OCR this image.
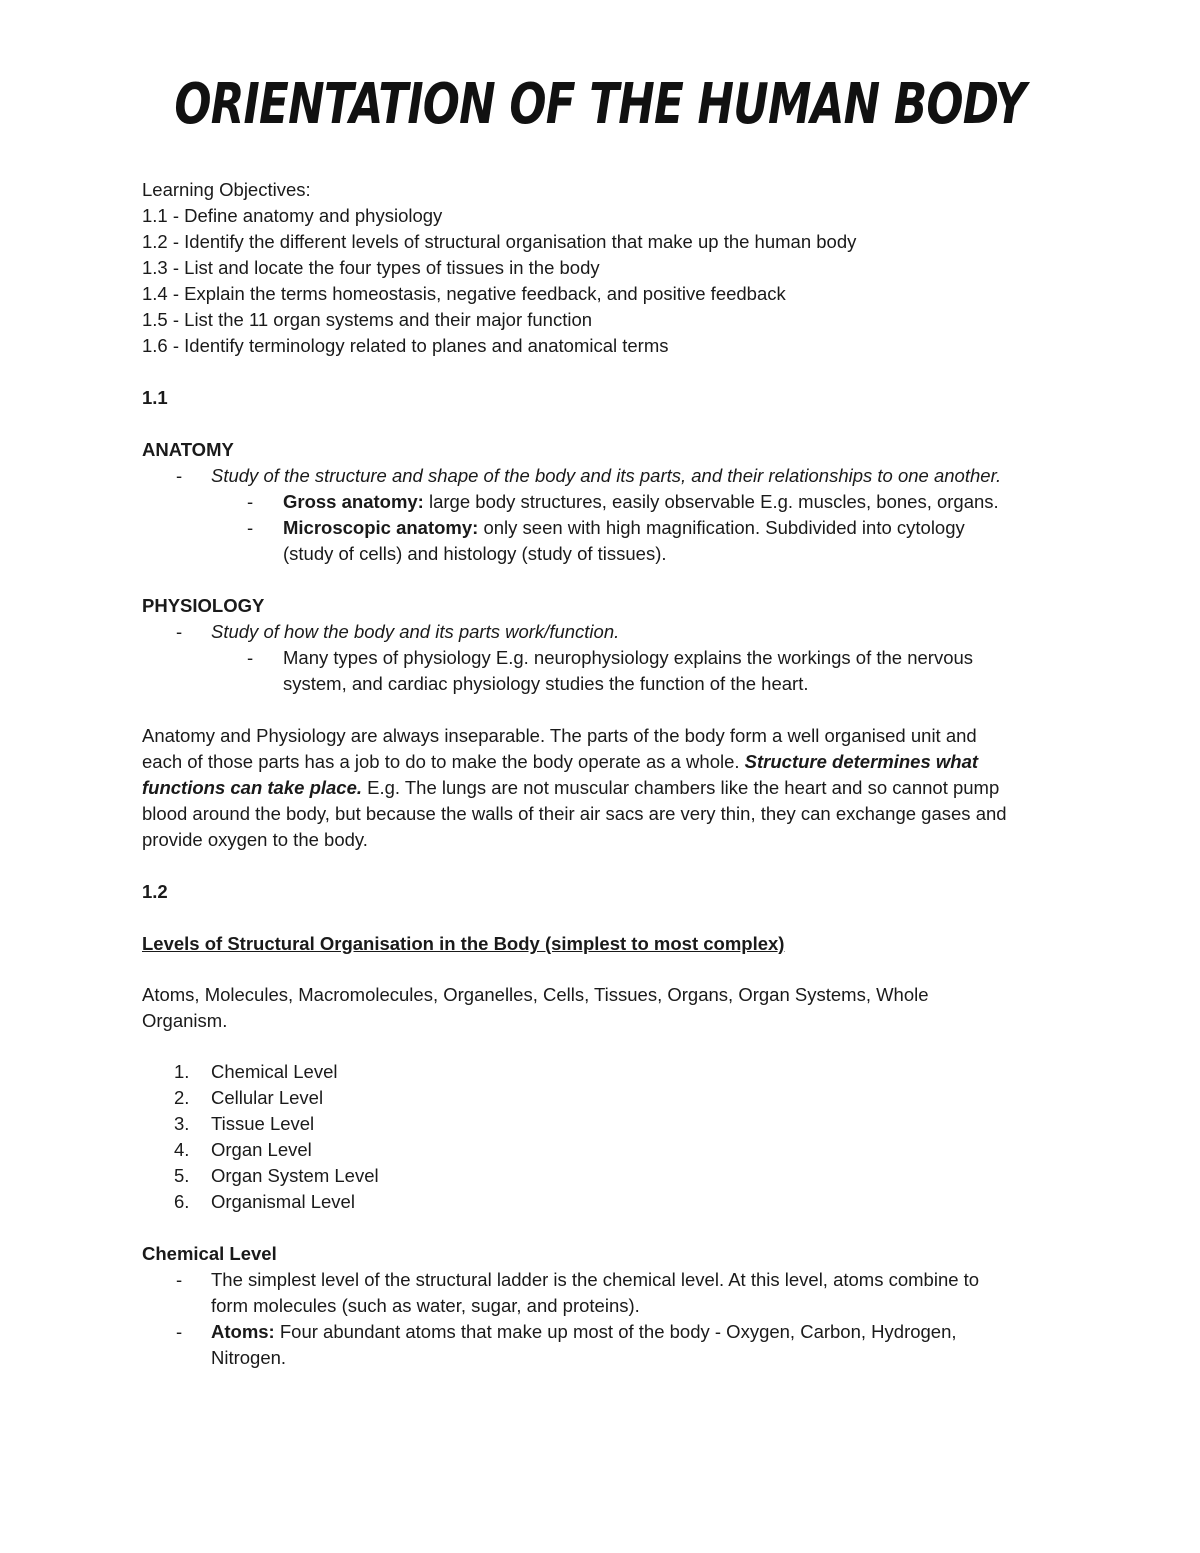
ORIENTATION OF THE HUMAN BODY
Learning Objectives:
1.1 - Define anatomy and physiology
1.2 - Identify the different levels of structural organisation that make up the human body
1.3 - List and locate the four types of tissues in the body
1.4 - Explain the terms homeostasis, negative feedback, and positive feedback
1.5 - List the 11 organ systems and their major function
1.6 - Identify terminology related to planes and anatomical terms
1.1
ANATOMY
- Study of the structure and shape of the body and its parts, and their relationships to one another.
- Gross anatomy: large body structures, easily observable E.g. muscles, bones, organs.
- Microscopic anatomy: only seen with high magnification. Subdivided into cytology
(study of cells) and histology (study of tissues).
PHYSIOLOGY
- Study of how the body and its parts work/function.
- Many types of physiology E.g. neurophysiology explains the workings of the nervous
system, and cardiac physiology studies the function of the heart.
Anatomy and Physiology are always inseparable. The parts of the body form a well organised unit and
each of those parts has a job to do to make the body operate as a whole. Structure determines what
functions can take place. E.g. The lungs are not muscular chambers like the heart and so cannot pump
blood around the body, but because the walls of their air sacs are very thin, they can exchange gases and
provide oxygen to the body.
1.2
Levels of Structural Organisation in the Body (simplest to most complex)
Atoms, Molecules, Macromolecules, Organelles, Cells, Tissues, Organs, Organ Systems, Whole
Organism.
1. Chemical Level
2. Cellular Level
3. Tissue Level
4. Organ Level
5. Organ System Level
6. Organismal Level
Chemical Level
- The simplest level of the structural ladder is the chemical level. At this level, atoms combine to
form molecules (such as water, sugar, and proteins).
- Atoms: Four abundant atoms that make up most of the body - Oxygen, Carbon, Hydrogen,
Nitrogen.
